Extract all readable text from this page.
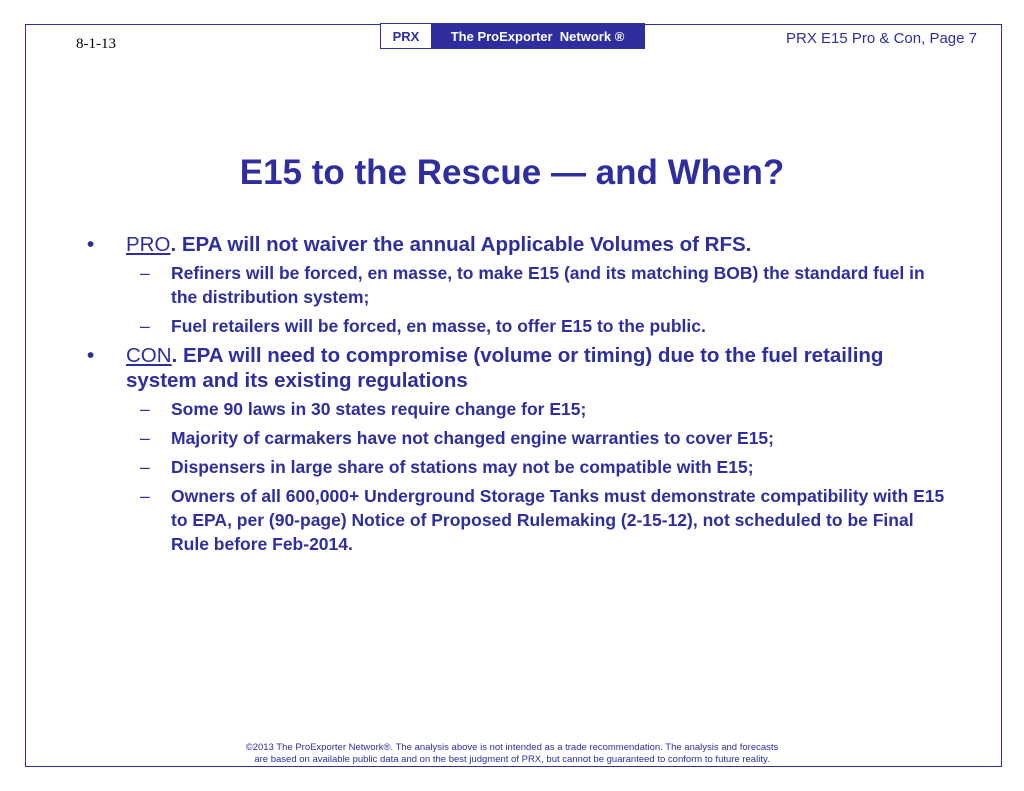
8-1-13	PRX	The ProExporter  Network ®	PRX E15 Pro & Con, Page 7
E15 to the Rescue — and When?
• PRO. EPA will not waiver the annual Applicable Volumes of RFS.
– Refiners will be forced, en masse, to make E15 (and its matching BOB) the standard fuel in the distribution system;
– Fuel retailers will be forced, en masse, to offer E15 to the public.
• CON. EPA will need to compromise (volume or timing) due to the fuel retailing system and its existing regulations
– Some 90 laws in 30 states require change for E15;
– Majority of carmakers have not changed engine warranties to cover E15;
– Dispensers in large share of stations may not be compatible with E15;
– Owners of all 600,000+ Underground Storage Tanks must demonstrate compatibility with E15 to EPA, per (90-page) Notice of Proposed Rulemaking (2-15-12), not scheduled to be Final Rule before Feb-2014.
©2013 The ProExporter Network®. The analysis above is not intended as a trade recommendation. The analysis and forecasts
are based on available public data and on the best judgment of PRX, but cannot be guaranteed to conform to future reality.
